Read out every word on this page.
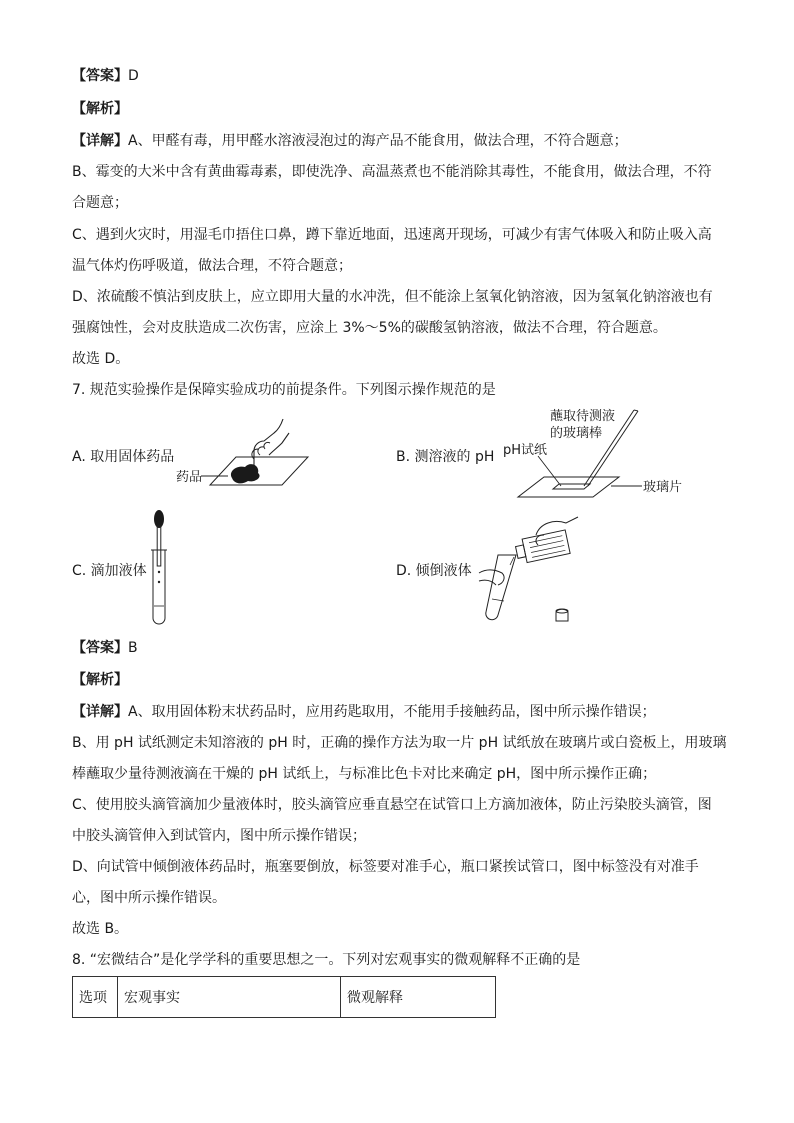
【答案】D
【解析】
【详解】A、甲醛有毒，用甲醛水溶液浸泡过的海产品不能食用，做法合理，不符合题意；
B、霉变的大米中含有黄曲霉毒素，即使洗净、高温蒸煮也不能消除其毒性，不能食用，做法合理，不符
合题意；
C、遇到火灾时，用湿毛巾捂住口鼻，蹲下靠近地面，迅速离开现场，可减少有害气体吸入和防止吸入高
温气体灼伤呼吸道，做法合理，不符合题意；
D、浓硫酸不慎沾到皮肤上，应立即用大量的水冲洗，但不能涂上氢氧化钠溶液，因为氢氧化钠溶液也有
强腐蚀性，会对皮肤造成二次伤害，应涂上 3%～5%的碳酸氢钠溶液，做法不合理，符合题意。
故选 D。
7. 规范实验操作是保障实验成功的前提条件。下列图示操作规范的是
A. 取用固体药品
药品
B. 测溶液的 pH
蘸取待测液
的玻璃棒
pH试纸
玻璃片
C. 滴加液体	D. 倾倒液体
【答案】B
【解析】
【详解】A、取用固体粉末状药品时，应用药匙取用，不能用手接触药品，图中所示操作错误；
B、用 pH 试纸测定未知溶液的 pH 时，正确的操作方法为取一片 pH 试纸放在玻璃片或白瓷板上，用玻璃
棒蘸取少量待测液滴在干燥的 pH 试纸上，与标准比色卡对比来确定 pH，图中所示操作正确；
C、使用胶头滴管滴加少量液体时，胶头滴管应垂直悬空在试管口上方滴加液体，防止污染胶头滴管，图
中胶头滴管伸入到试管内，图中所示操作错误；
D、向试管中倾倒液体药品时，瓶塞要倒放，标签要对准手心，瓶口紧挨试管口，图中标签没有对准手
心，图中所示操作错误。
故选 B。
8. “宏微结合”是化学学科的重要思想之一。下列对宏观事实的微观解释不正确的是
选项	宏观事实	微观解释
